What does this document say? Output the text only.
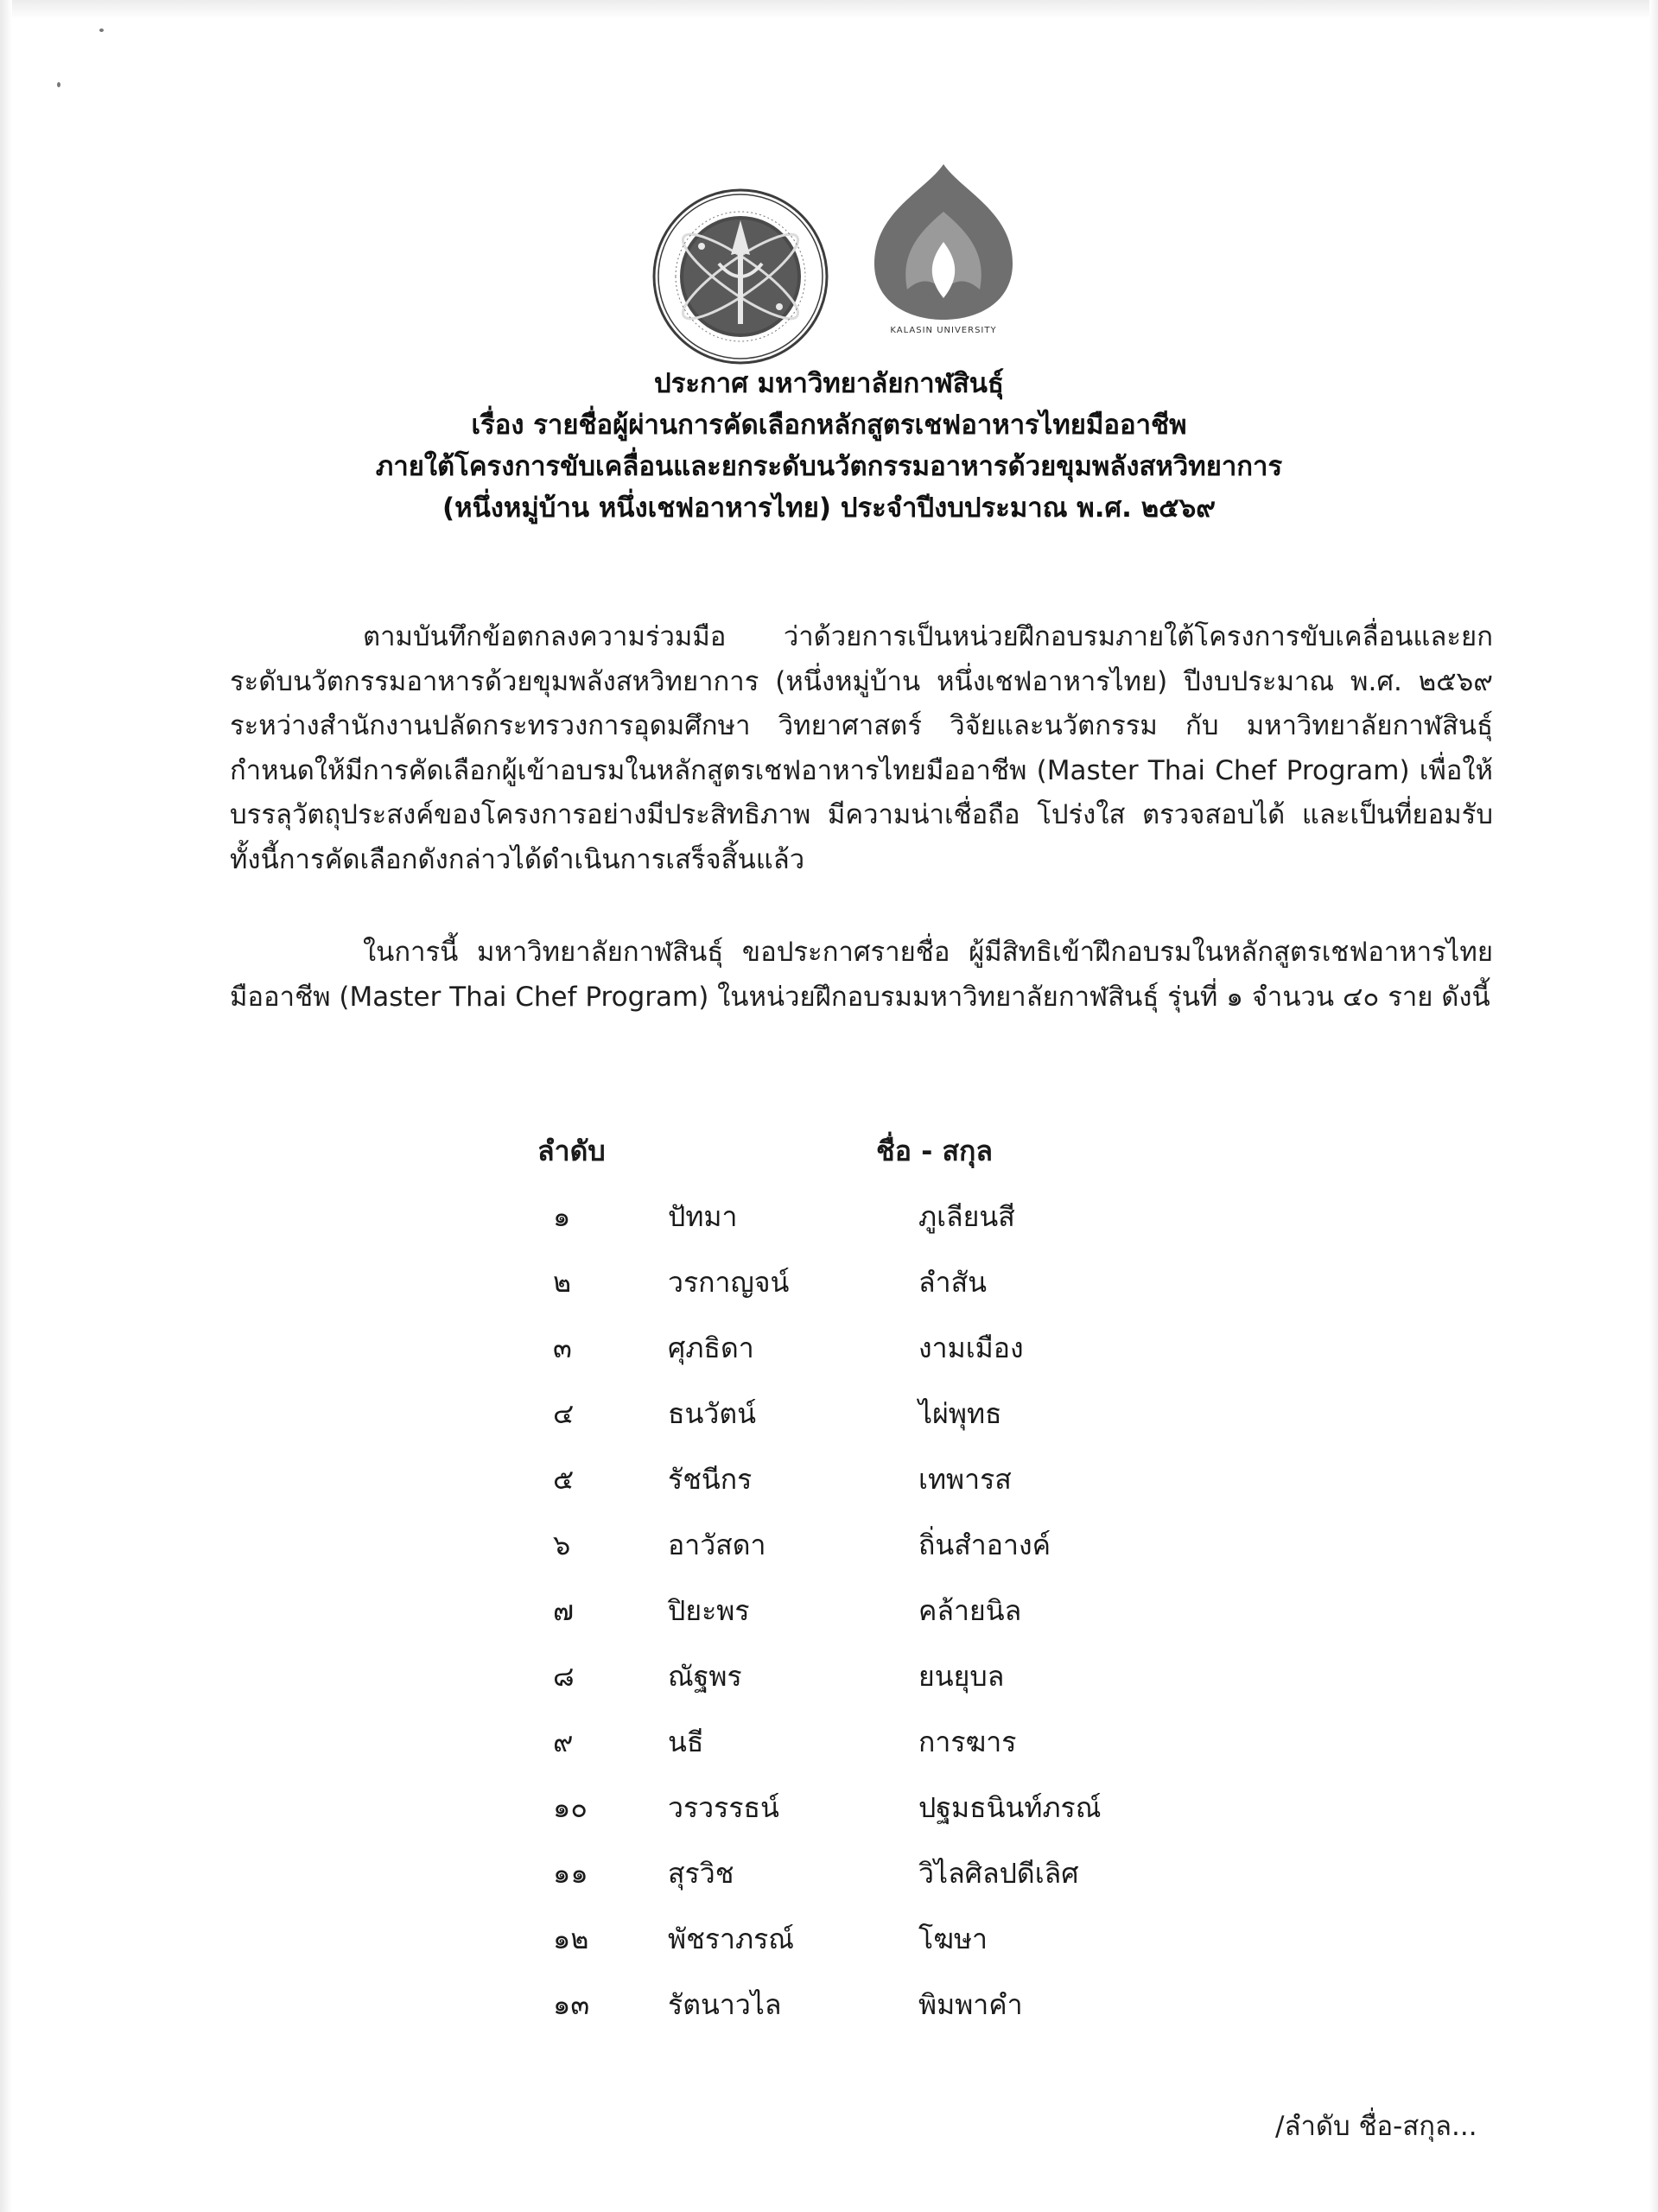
KALASIN UNIVERSITY
ประกาศ มหาวิทยาลัยกาฬสินธุ์
เรื่อง รายชื่อผู้ผ่านการคัดเลือกหลักสูตรเชฟอาหารไทยมืออาชีพ
ภายใต้โครงการขับเคลื่อนและยกระดับนวัตกรรมอาหารด้วยขุมพลังสหวิทยาการ
(หนึ่งหมู่บ้าน หนึ่งเชฟอาหารไทย) ประจำปีงบประมาณ พ.ศ. ๒๕๖๙
ตามบันทึกข้อตกลงความร่วมมือ ว่าด้วยการเป็นหน่วยฝึกอบรมภายใต้โครงการขับเคลื่อนและยกระดับนวัตกรรมอาหารด้วยขุมพลังสหวิทยาการ (หนึ่งหมู่บ้าน หนึ่งเชฟอาหารไทย) ปีงบประมาณ พ.ศ. ๒๕๖๙ ระหว่างสำนักงานปลัดกระทรวงการอุดมศึกษา วิทยาศาสตร์ วิจัยและนวัตกรรม กับ มหาวิทยาลัยกาฬสินธุ์ กำหนดให้มีการคัดเลือกผู้เข้าอบรมในหลักสูตรเชฟอาหารไทยมืออาชีพ (Master Thai Chef Program) เพื่อให้บรรลุวัตถุประสงค์ของโครงการอย่างมีประสิทธิภาพ มีความน่าเชื่อถือ โปร่งใส ตรวจสอบได้ และเป็นที่ยอมรับ ทั้งนี้การคัดเลือกดังกล่าวได้ดำเนินการเสร็จสิ้นแล้ว
ในการนี้ มหาวิทยาลัยกาฬสินธุ์ ขอประกาศรายชื่อ ผู้มีสิทธิเข้าฝึกอบรมในหลักสูตรเชฟอาหารไทยมืออาชีพ (Master Thai Chef Program) ในหน่วยฝึกอบรมมหาวิทยาลัยกาฬสินธุ์ รุ่นที่ ๑ จำนวน ๔๐ ราย ดังนี้
ลำดับ	ชื่อ - สกุล
๑	ปัทมา	ภูเลียนสี
๒	วรกาญจน์	ลำสัน
๓	ศุภธิดา	งามเมือง
๔	ธนวัตน์	ไผ่พุทธ
๕	รัชนีกร	เทพารส
๖	อาวัสดา	ถิ่นสำอางค์
๗	ปิยะพร	คล้ายนิล
๘	ณัฐพร	ยนยุบล
๙	นธี	การฆาร
๑๐	วรวรรธน์	ปฐมธนินท์ภรณ์
๑๑	สุรวิช	วิไลศิลปดีเลิศ
๑๒	พัชราภรณ์	โฆษา
๑๓	รัตนาวไล	พิมพาคำ
/ลำดับ ชื่อ-สกุล...
